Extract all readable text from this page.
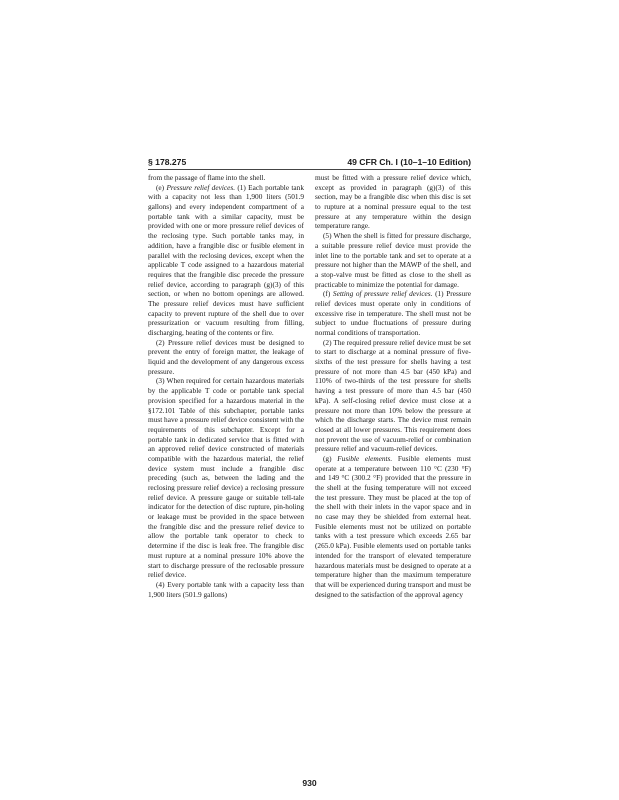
§ 178.275	49 CFR Ch. I (10–1–10 Edition)

from the passage of flame into the shell.

(e) Pressure relief devices. (1) Each portable tank with a capacity not less than 1,900 liters (501.9 gallons) and every independent compartment of a portable tank with a similar capacity, must be provided with one or more pressure relief devices of the reclosing type. Such portable tanks may, in addition, have a frangible disc or fusible element in parallel with the reclosing devices, except when the applicable T code assigned to a hazardous material requires that the frangible disc precede the pressure relief device, according to paragraph (g)(3) of this section, or when no bottom openings are allowed. The pressure relief devices must have sufficient capacity to prevent rupture of the shell due to over pressurization or vacuum resulting from filling, discharging, heating of the contents or fire.

(2) Pressure relief devices must be designed to prevent the entry of foreign matter, the leakage of liquid and the development of any dangerous excess pressure.

(3) When required for certain hazardous materials by the applicable T code or portable tank special provision specified for a hazardous material in the §172.101 Table of this subchapter, portable tanks must have a pressure relief device consistent with the requirements of this subchapter. Except for a portable tank in dedicated service that is fitted with an approved relief device constructed of materials compatible with the hazardous material, the relief device system must include a frangible disc preceding (such as, between the lading and the reclosing pressure relief device) a reclosing pressure relief device. A pressure gauge or suitable tell-tale indicator for the detection of disc rupture, pin-holing or leakage must be provided in the space between the frangible disc and the pressure relief device to allow the portable tank operator to check to determine if the disc is leak free. The frangible disc must rupture at a nominal pressure 10% above the start to discharge pressure of the reclosable pressure relief device.

(4) Every portable tank with a capacity less than 1,900 liters (501.9 gallons)

must be fitted with a pressure relief device which, except as provided in paragraph (g)(3) of this section, may be a frangible disc when this disc is set to rupture at a nominal pressure equal to the test pressure at any temperature within the design temperature range.

(5) When the shell is fitted for pressure discharge, a suitable pressure relief device must provide the inlet line to the portable tank and set to operate at a pressure not higher than the MAWP of the shell, and a stop-valve must be fitted as close to the shell as practicable to minimize the potential for damage.

(f) Setting of pressure relief devices. (1) Pressure relief devices must operate only in conditions of excessive rise in temperature. The shell must not be subject to undue fluctuations of pressure during normal conditions of transportation.

(2) The required pressure relief device must be set to start to discharge at a nominal pressure of five-sixths of the test pressure for shells having a test pressure of not more than 4.5 bar (450 kPa) and 110% of two-thirds of the test pressure for shells having a test pressure of more than 4.5 bar (450 kPa). A self-closing relief device must close at a pressure not more than 10% below the pressure at which the discharge starts. The device must remain closed at all lower pressures. This requirement does not prevent the use of vacuum-relief or combination pressure relief and vacuum-relief devices.

(g) Fusible elements. Fusible elements must operate at a temperature between 110 °C (230 °F) and 149 °C (300.2 °F) provided that the pressure in the shell at the fusing temperature will not exceed the test pressure. They must be placed at the top of the shell with their inlets in the vapor space and in no case may they be shielded from external heat. Fusible elements must not be utilized on portable tanks with a test pressure which exceeds 2.65 bar (265.0 kPa). Fusible elements used on portable tanks intended for the transport of elevated temperature hazardous materials must be designed to operate at a temperature higher than the maximum temperature that will be experienced during transport and must be designed to the satisfaction of the approval agency

930
